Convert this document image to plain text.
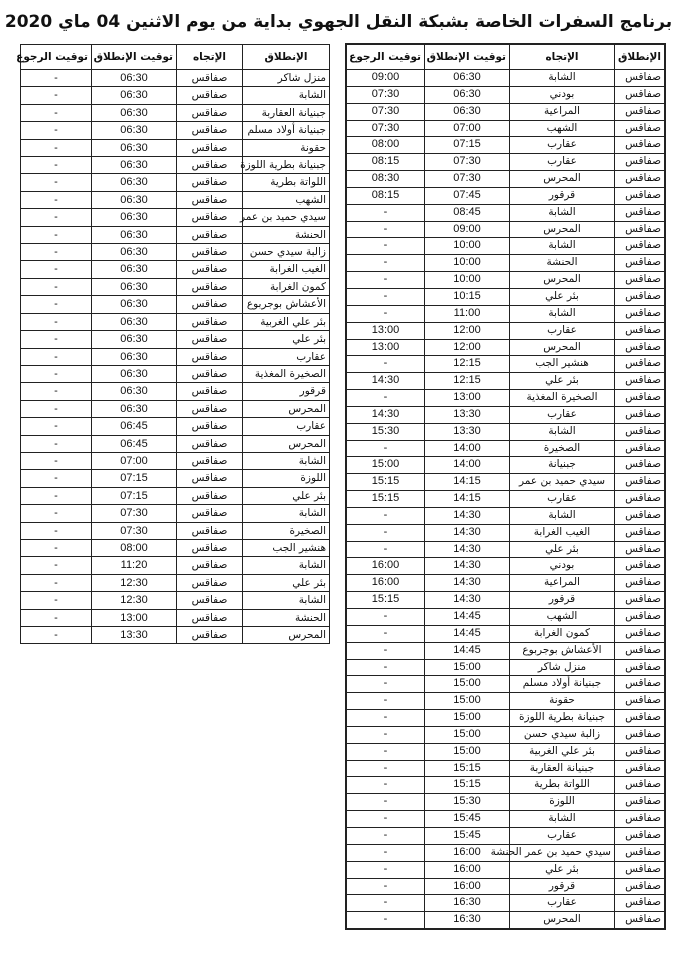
برنامج السفرات الخاصة بشبكة النقل الجهوي بداية من يوم الاثنين 04 ماي 2020
الإنطلاق	الإتجاه	توقيت الإنطلاق	توقيت الرجوع
صفاقس	الشابة	06:30	09:00
صفاقس	بودني	06:30	07:30
صفاقس	المراعية	06:30	07:30
صفاقس	الشهب	07:00	07:30
صفاقس	عقارب	07:15	08:00
صفاقس	عقارب	07:30	08:15
صفاقس	المحرس	07:30	08:30
صفاقس	قرقور	07:45	08:15
صفاقس	الشابة	08:45	-
صفاقس	المحرس	09:00	-
صفاقس	الشابة	10:00	-
صفاقس	الحنشة	10:00	-
صفاقس	المحرس	10:00	-
صفاقس	بئر علي	10:15	-
صفاقس	الشابة	11:00	-
صفاقس	عقارب	12:00	13:00
صفاقس	المحرس	12:00	13:00
صفاقس	هنشير الجب	12:15	-
صفاقس	بئر علي	12:15	14:30
صفاقس	الصخيرة المغذية	13:00	-
صفاقس	عقارب	13:30	14:30
صفاقس	الشابة	13:30	15:30
صفاقس	الصخيرة	14:00	-
صفاقس	جبنيانة	14:00	15:00
صفاقس	سيدي حميد بن عمر	14:15	15:15
صفاقس	عقارب	14:15	15:15
صفاقس	الشابة	14:30	-
صفاقس	الغيب الغرابة	14:30	-
صفاقس	بئر علي	14:30	-
صفاقس	بودني	14:30	16:00
صفاقس	المراعية	14:30	16:00
صفاقس	قرقور	14:30	15:15
صفاقس	الشهب	14:45	-
صفاقس	كمون الغرابة	14:45	-
صفاقس	الأعشاش بوجربوع	14:45	-
صفاقس	منزل شاكر	15:00	-
صفاقس	جبنيانة أولاد مسلم	15:00	-
صفاقس	حقونة	15:00	-
صفاقس	جبنيانة بطرية اللوزة	15:00	-
صفاقس	زالبة سيدي حسن	15:00	-
صفاقس	بئر علي الغربية	15:00	-
صفاقس	جبنيانة العقاربة	15:15	-
صفاقس	اللواتة بطرية	15:15	-
صفاقس	اللوزة	15:30	-
صفاقس	الشابة	15:45	-
صفاقس	عقارب	15:45	-
صفاقس	سيدي حميد بن عمر الحنشة	16:00	-
صفاقس	بئر علي	16:00	-
صفاقس	قرقور	16:00	-
صفاقس	عقارب	16:30	-
صفاقس	المحرس	16:30	-
الإنطلاق	الإتجاه	توقيت الإنطلاق	توقيت الرجوع
منزل شاكر	صفاقس	06:30	-
الشابة	صفاقس	06:30	-
جبنيانة العقاربة	صفاقس	06:30	-
جبنيانة أولاد مسلم	صفاقس	06:30	-
حقونة	صفاقس	06:30	-
جبنيانة بطرية اللوزة	صفاقس	06:30	-
اللواتة بطرية	صفاقس	06:30	-
الشهب	صفاقس	06:30	-
سيدي حميد بن عمر	صفاقس	06:30	-
الحنشة	صفاقس	06:30	-
زالبة سيدي حسن	صفاقس	06:30	-
الغيب الغرابة	صفاقس	06:30	-
كمون الغرابة	صفاقس	06:30	-
الأعشاش بوجربوع	صفاقس	06:30	-
بئر علي الغربية	صفاقس	06:30	-
بئر علي	صفاقس	06:30	-
عقارب	صفاقس	06:30	-
الصخيرة المغذية	صفاقس	06:30	-
قرقور	صفاقس	06:30	-
المحرس	صفاقس	06:30	-
عقارب	صفاقس	06:45	-
المحرس	صفاقس	06:45	-
الشابة	صفاقس	07:00	-
اللوزة	صفاقس	07:15	-
بئر علي	صفاقس	07:15	-
الشابة	صفاقس	07:30	-
الصخيرة	صفاقس	07:30	-
هنشير الجب	صفاقس	08:00	-
الشابة	صفاقس	11:20	-
بئر علي	صفاقس	12:30	-
الشابة	صفاقس	12:30	-
الحنشة	صفاقس	13:00	-
المحرس	صفاقس	13:30	-
